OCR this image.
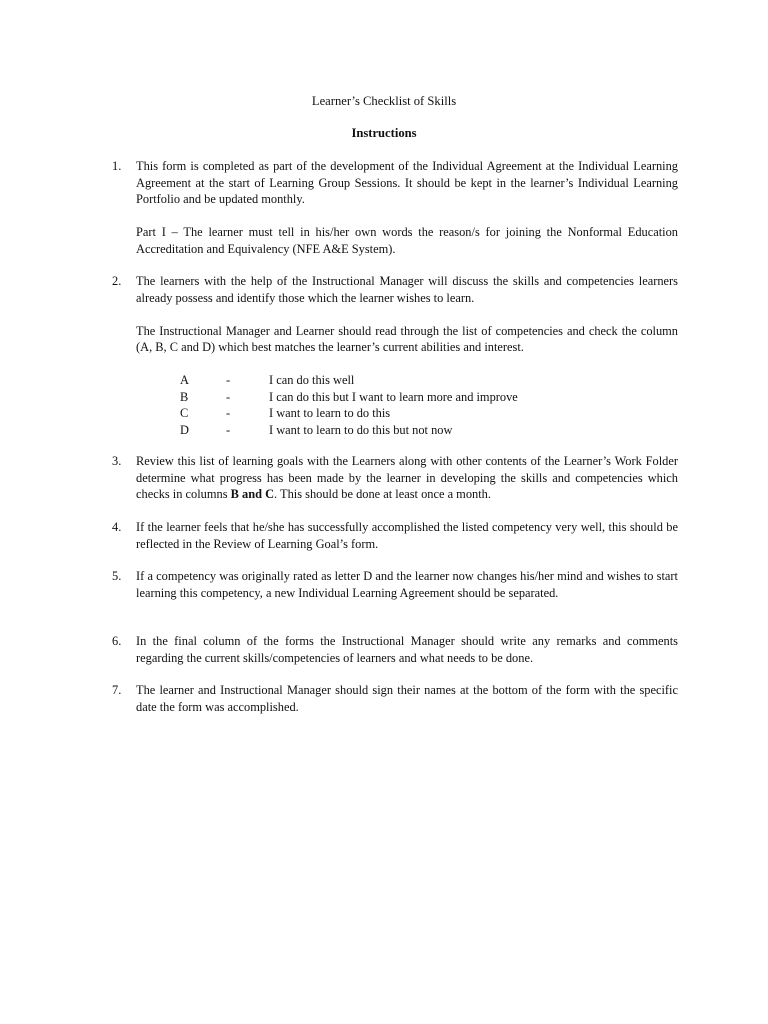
Learner’s Checklist of Skills
Instructions
1.	This form is completed as part of the development of the Individual Agreement at the Individual Learning Agreement at the start of Learning Group Sessions. It should be kept in the learner’s Individual Learning Portfolio and be updated monthly.

Part I – The learner must tell in his/her own words the reason/s for joining the Nonformal Education Accreditation and Equivalency (NFE A&E System).

2.	The learners with the help of the Instructional Manager will discuss the skills and competencies learners already possess and identify those which the learner wishes to learn.

The Instructional Manager and Learner should read through the list of competencies and check the column (A, B, C and D) which best matches the learner’s current abilities and interest.

A	-	I can do this well
B	-	I can do this but I want to learn more and improve
C	-	I want to learn to do this
D	-	I want to learn to do this but not now
3.	Review this list of learning goals with the Learners along with other contents of the Learner’s Work Folder determine what progress has been made by the learner in developing the skills and competencies which checks in columns B and C. This should be done at least once a month.

4.	If the learner feels that he/she has successfully accomplished the listed competency very well, this should be reflected in the Review of Learning Goal’s form.

5.	If a competency was originally rated as letter D and the learner now changes his/her mind and wishes to start learning this competency, a new Individual Learning Agreement should be separated.

6.	In the final column of the forms the Instructional Manager should write any remarks and comments regarding the current skills/competencies of learners and what needs to be done.

7.	The learner and Instructional Manager should sign their names at the bottom of the form with the specific date the form was accomplished.
